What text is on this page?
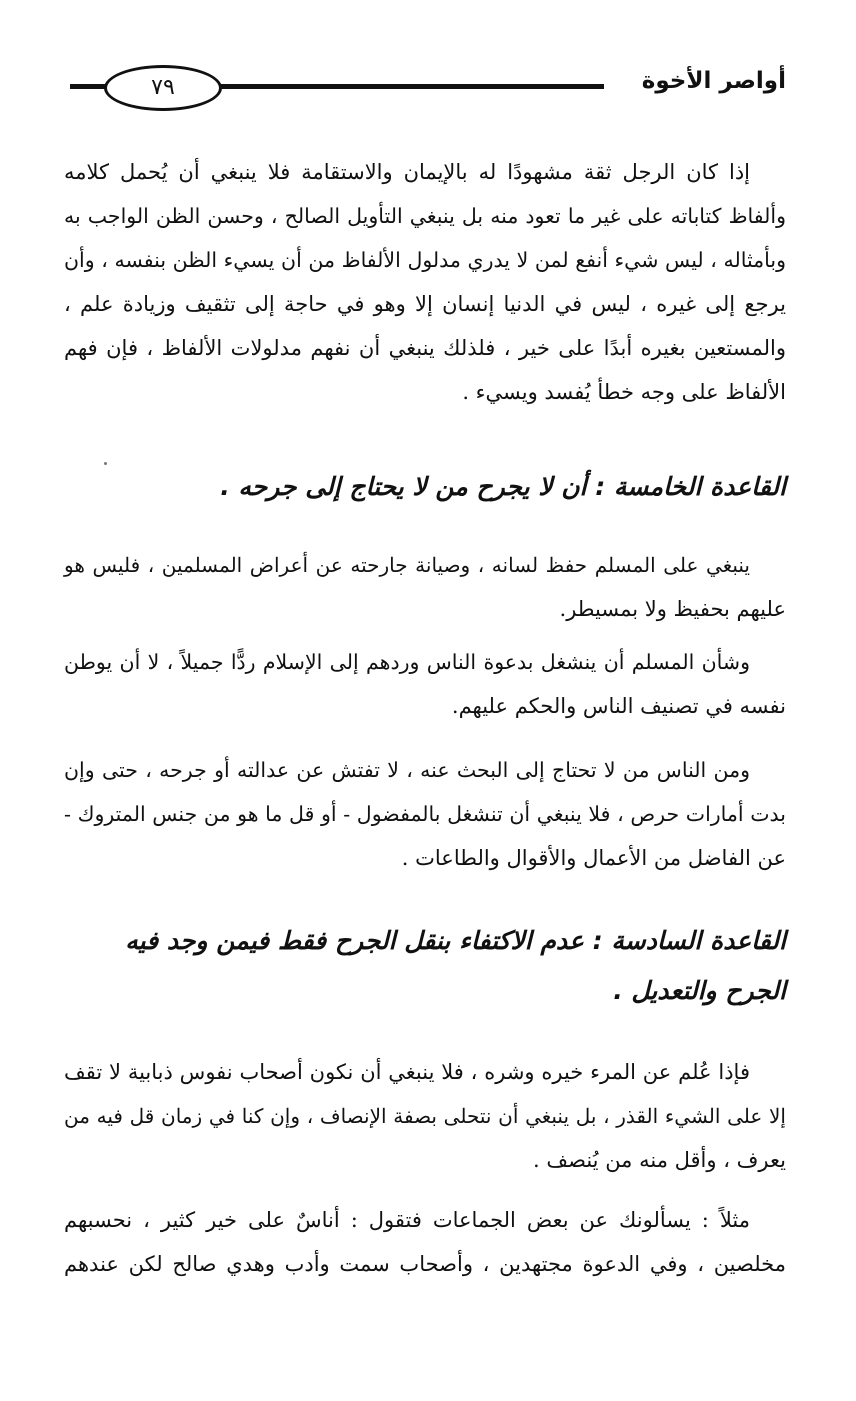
أواصر الأخوة
٧٩
إذا كان الرجل ثقة مشهودًا له بالإيمان والاستقامة فلا ينبغي أن يُحمل كلامه
وألفاظ كتاباته على غير ما تعود منه بل ينبغي التأويل الصالح ، وحسن الظن الواجب به
وبأمثاله ، ليس شيء أنفع لمن لا يدري مدلول الألفاظ من أن يسيء الظن بنفسه ، وأن
يرجع إلى غيره ، ليس في الدنيا إنسان إلا وهو في حاجة إلى تثقيف وزيادة علم ،
والمستعين بغيره أبدًا على خير ، فلذلك ينبغي أن نفهم مدلولات الألفاظ ، فإن فهم
الألفاظ على وجه خطأ يُفسد ويسيء .
القاعدة الخامسة : أن لا يجرح من لا يحتاج إلى جرحه .
ينبغي على المسلم حفظ لسانه ، وصيانة جارحته عن أعراض المسلمين ، فليس هو
عليهم بحفيظ ولا بمسيطر.
وشأن المسلم أن ينشغل بدعوة الناس وردهم إلى الإسلام ردًّا جميلاً ، لا أن يوطن
نفسه في تصنيف الناس والحكم عليهم.
ومن الناس من لا تحتاج إلى البحث عنه ، لا تفتش عن عدالته أو جرحه ، حتى وإن
بدت أمارات حرص ، فلا ينبغي أن تنشغل بالمفضول - أو قل ما هو من جنس المتروك -
عن الفاضل من الأعمال والأقوال والطاعات .
القاعدة السادسة : عدم الاكتفاء بنقل الجرح فقط فيمن وجد فيه
الجرح والتعديل .
فإذا عُلم عن المرء خيره وشره ، فلا ينبغي أن نكون أصحاب نفوس ذبابية لا تقف
إلا على الشيء القذر ، بل ينبغي أن نتحلى بصفة الإنصاف ، وإن كنا في زمان قل فيه من
يعرف ، وأقل منه من يُنصف .
مثلاً : يسألونك عن بعض الجماعات فتقول : أناسٌ على خير كثير ، نحسبهم
مخلصين ، وفي الدعوة مجتهدين ، وأصحاب سمت وأدب وهدي صالح لكن عندهم
